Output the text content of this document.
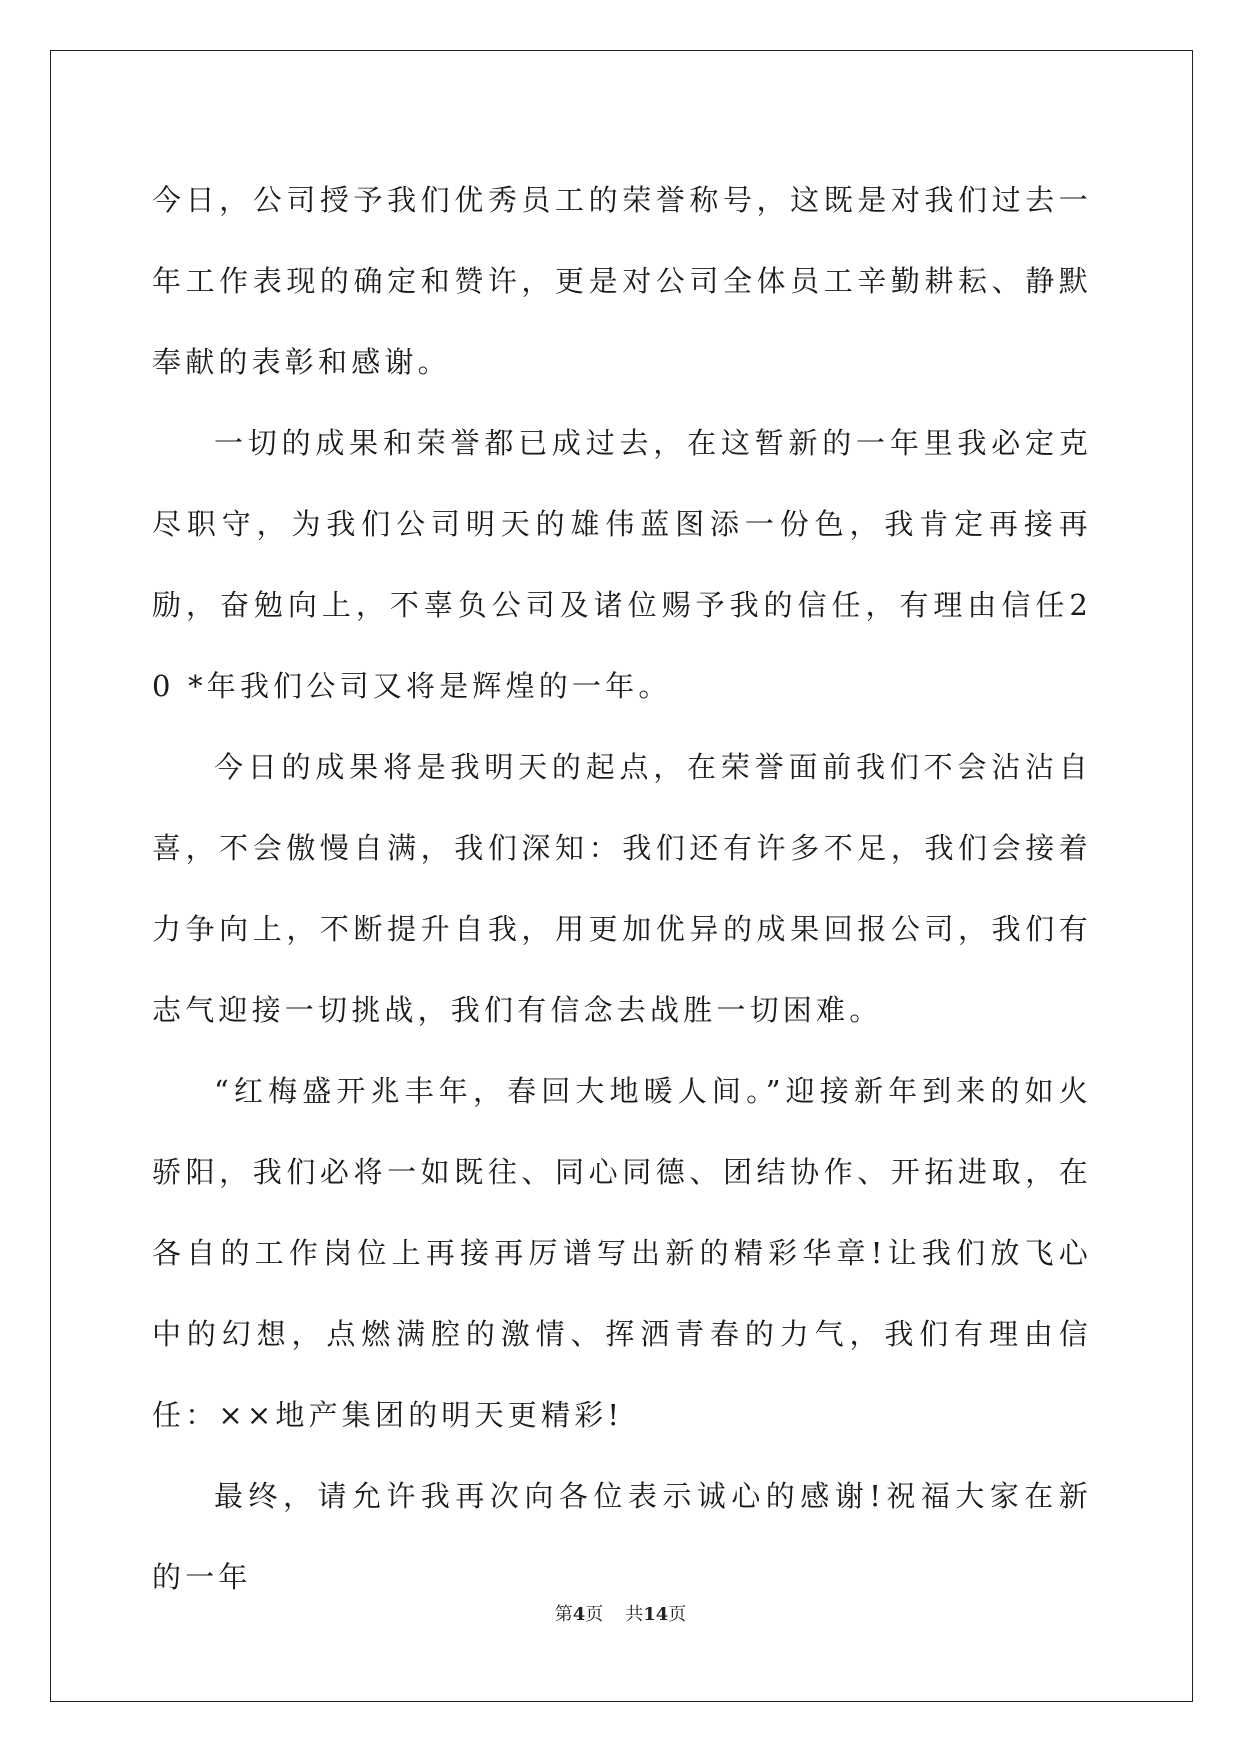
今日，公司授予我们优秀员工的荣誉称号，这既是对我们过去一年工作表现的确定和赞许，更是对公司全体员工辛勤耕耘、静默奉献的表彰和感谢。

一切的成果和荣誉都已成过去，在这暂新的一年里我必定克尽职守，为我们公司明天的雄伟蓝图添一份色，我肯定再接再励，奋勉向上，不辜负公司及诸位赐予我的信任，有理由信任20 *年我们公司又将是辉煌的一年。

今日的成果将是我明天的起点，在荣誉面前我们不会沾沾自喜，不会傲慢自满，我们深知：我们还有许多不足，我们会接着力争向上，不断提升自我，用更加优异的成果回报公司，我们有志气迎接一切挑战，我们有信念去战胜一切困难。

“红梅盛开兆丰年，春回大地暖人间。”迎接新年到来的如火骄阳，我们必将一如既往、同心同德、团结协作、开拓进取，在各自的工作岗位上再接再厉谱写出新的精彩华章!让我们放飞心中的幻想，点燃满腔的激情、挥洒青春的力气，我们有理由信任：××地产集团的明天更精彩!

最终，请允许我再次向各位表示诚心的感谢!祝福大家在新的一年

第4页 共14页
